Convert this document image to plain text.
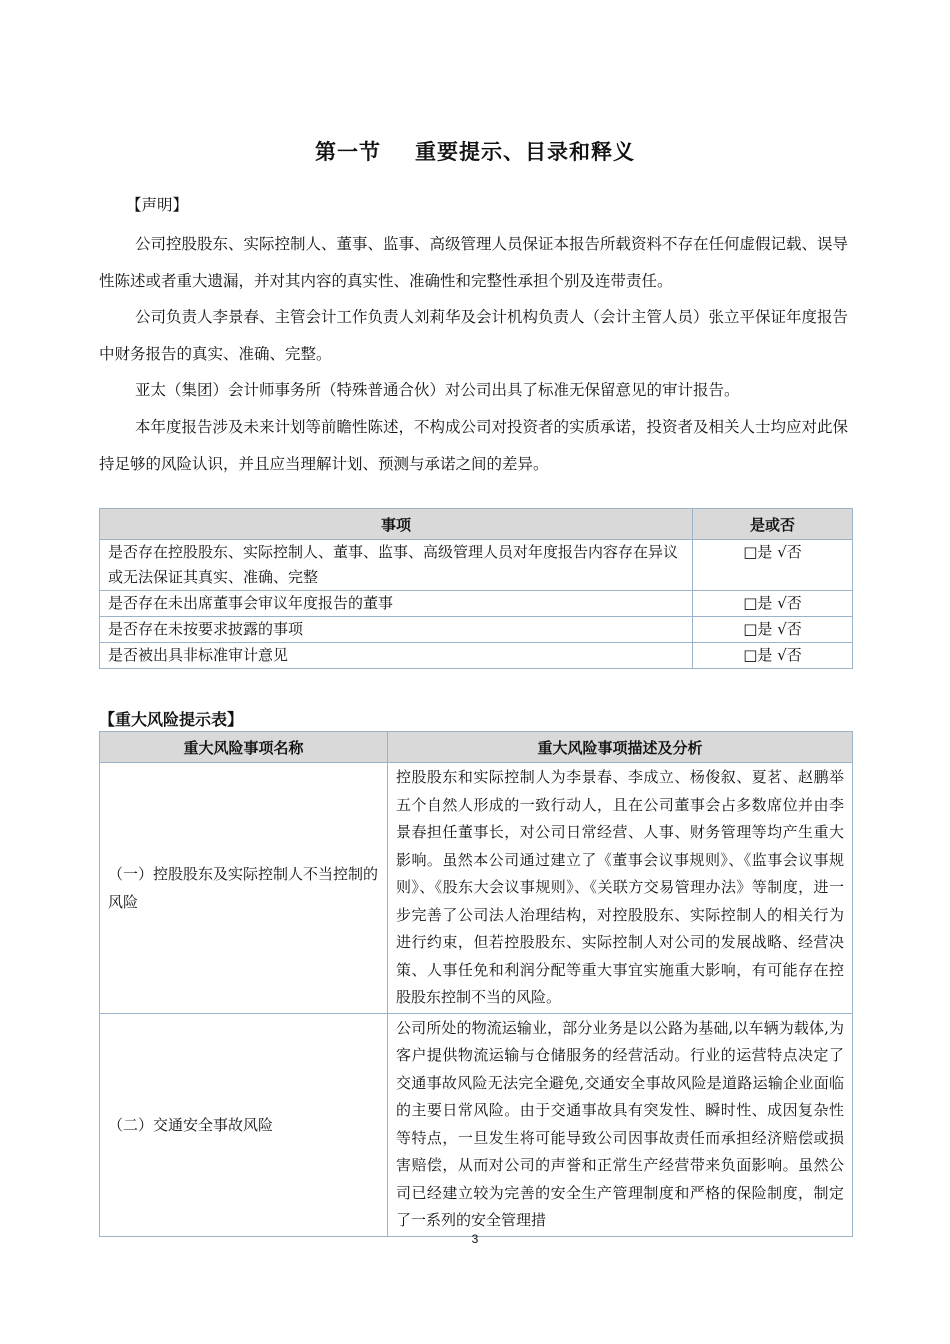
第一节 重要提示、目录和释义
【声明】

公司控股股东、实际控制人、董事、监事、高级管理人员保证本报告所载资料不存在任何虚假记载、误导性陈述或者重大遗漏，并对其内容的真实性、准确性和完整性承担个别及连带责任。

公司负责人李景春、主管会计工作负责人刘莉华及会计机构负责人（会计主管人员）张立平保证年度报告中财务报告的真实、准确、完整。

亚太（集团）会计师事务所（特殊普通合伙）对公司出具了标准无保留意见的审计报告。

本年度报告涉及未来计划等前瞻性陈述，不构成公司对投资者的实质承诺，投资者及相关人士均应对此保持足够的风险认识，并且应当理解计划、预测与承诺之间的差异。

事项	是或否
是否存在控股股东、实际控制人、董事、监事、高级管理人员对年度报告内容存在异议或无法保证其真实、准确、完整	□是 √否
是否存在未出席董事会审议年度报告的董事	□是 √否
是否存在未按要求披露的事项	□是 √否
是否被出具非标准审计意见	□是 √否
【重大风险提示表】
重大风险事项名称	重大风险事项描述及分析
（一）控股股东及实际控制人不当控制的风险	控股股东和实际控制人为李景春、李成立、杨俊叙、夏茗、赵鹏举五个自然人形成的一致行动人，且在公司董事会占多数席位并由李景春担任董事长，对公司日常经营、人事、财务管理等均产生重大影响。虽然本公司通过建立了《董事会议事规则》、《监事会议事规则》、《股东大会议事规则》、《关联方交易管理办法》等制度，进一步完善了公司法人治理结构，对控股股东、实际控制人的相关行为进行约束，但若控股股东、实际控制人对公司的发展战略、经营决策、人事任免和利润分配等重大事宜实施重大影响，有可能存在控股股东控制不当的风险。
（二）交通安全事故风险	公司所处的物流运输业，部分业务是以公路为基础,以车辆为载体,为客户提供物流运输与仓储服务的经营活动。行业的运营特点决定了交通事故风险无法完全避免,交通安全事故风险是道路运输企业面临的主要日常风险。由于交通事故具有突发性、瞬时性、成因复杂性等特点，一旦发生将可能导致公司因事故责任而承担经济赔偿或损害赔偿，从而对公司的声誉和正常生产经营带来负面影响。虽然公司已经建立较为完善的安全生产管理制度和严格的保险制度，制定了一系列的安全管理措
3
